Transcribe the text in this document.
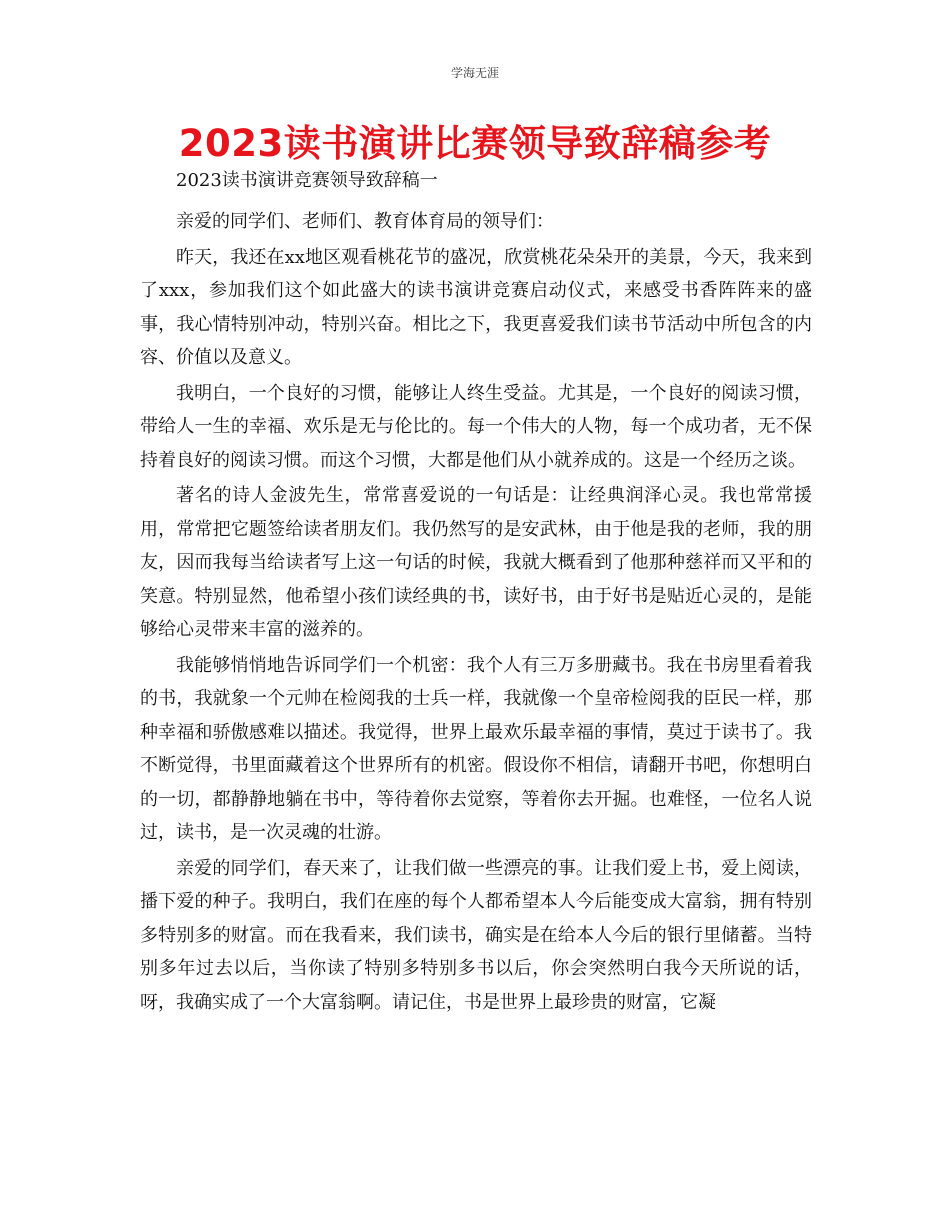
学海无涯
2023读书演讲比赛领导致辞稿参考

2023读书演讲竞赛领导致辞稿一

亲爱的同学们、老师们、教育体育局的领导们：

昨天，我还在xx地区观看桃花节的盛况，欣赏桃花朵朵开的美景，今天，我来到了xxx，参加我们这个如此盛大的读书演讲竞赛启动仪式，来感受书香阵阵来的盛事，我心情特别冲动，特别兴奋。相比之下，我更喜爱我们读书节活动中所包含的内容、价值以及意义。

我明白，一个良好的习惯，能够让人终生受益。尤其是，一个良好的阅读习惯，带给人一生的幸福、欢乐是无与伦比的。每一个伟大的人物，每一个成功者，无不保持着良好的阅读习惯。而这个习惯，大都是他们从小就养成的。这是一个经历之谈。

著名的诗人金波先生，常常喜爱说的一句话是：让经典润泽心灵。我也常常援用，常常把它题签给读者朋友们。我仍然写的是安武林，由于他是我的老师，我的朋友，因而我每当给读者写上这一句话的时候，我就大概看到了他那种慈祥而又平和的笑意。特别显然，他希望小孩们读经典的书，读好书，由于好书是贴近心灵的，是能够给心灵带来丰富的滋养的。

我能够悄悄地告诉同学们一个机密：我个人有三万多册藏书。我在书房里看着我的书，我就象一个元帅在检阅我的士兵一样，我就像一个皇帝检阅我的臣民一样，那种幸福和骄傲感难以描述。我觉得，世界上最欢乐最幸福的事情，莫过于读书了。我不断觉得，书里面藏着这个世界所有的机密。假设你不相信，请翻开书吧，你想明白的一切，都静静地躺在书中，等待着你去觉察，等着你去开掘。也难怪，一位名人说过，读书，是一次灵魂的壮游。

亲爱的同学们，春天来了，让我们做一些漂亮的事。让我们爱上书，爱上阅读，播下爱的种子。我明白，我们在座的每个人都希望本人今后能变成大富翁，拥有特别多特别多的财富。而在我看来，我们读书，确实是在给本人今后的银行里储蓄。当特别多年过去以后，当你读了特别多特别多书以后，你会突然明白我今天所说的话，呀，我确实成了一个大富翁啊。请记住，书是世界上最珍贵的财富，它凝
